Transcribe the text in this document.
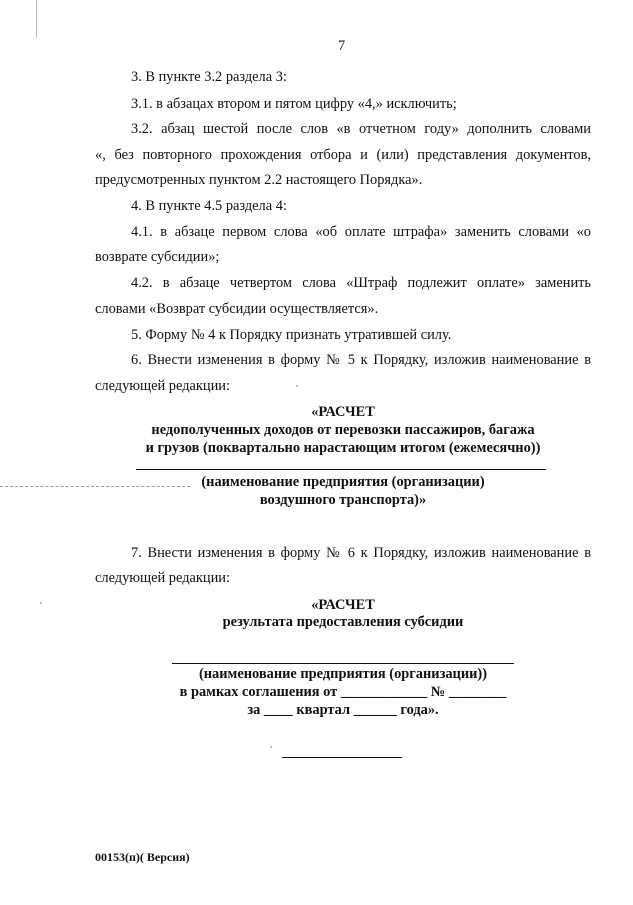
7
3. В пункте 3.2 раздела 3:
3.1. в абзацах втором и пятом цифру «4,» исключить;
3.2. абзац шестой после слов «в отчетном году» дополнить словами
«, без повторного прохождения отбора и (или) представления документов,
предусмотренных пунктом 2.2 настоящего Порядка».
4. В пункте 4.5 раздела 4:
4.1. в абзаце первом слова «об оплате штрафа» заменить словами «о
возврате субсидии»;
4.2. в абзаце четвертом слова «Штраф подлежит оплате» заменить
словами «Возврат субсидии осуществляется».
5. Форму № 4 к Порядку признать утратившей силу.
6. Внести изменения в форму № 5 к Порядку, изложив наименование в
следующей редакции:
«РАСЧЕТ
недополученных доходов от перевозки пассажиров, багажа
и грузов (поквартально нарастающим итогом (ежемесячно))
(наименование предприятия (организации)
воздушного транспорта)»
7. Внести изменения в форму № 6 к Порядку, изложив наименование в
следующей редакции:
«РАСЧЕТ
результата предоставления субсидии
(наименование предприятия (организации))
в рамках соглашения от ____________ № ________
за ____ квартал ______ года».
00153(п)( Версия)
